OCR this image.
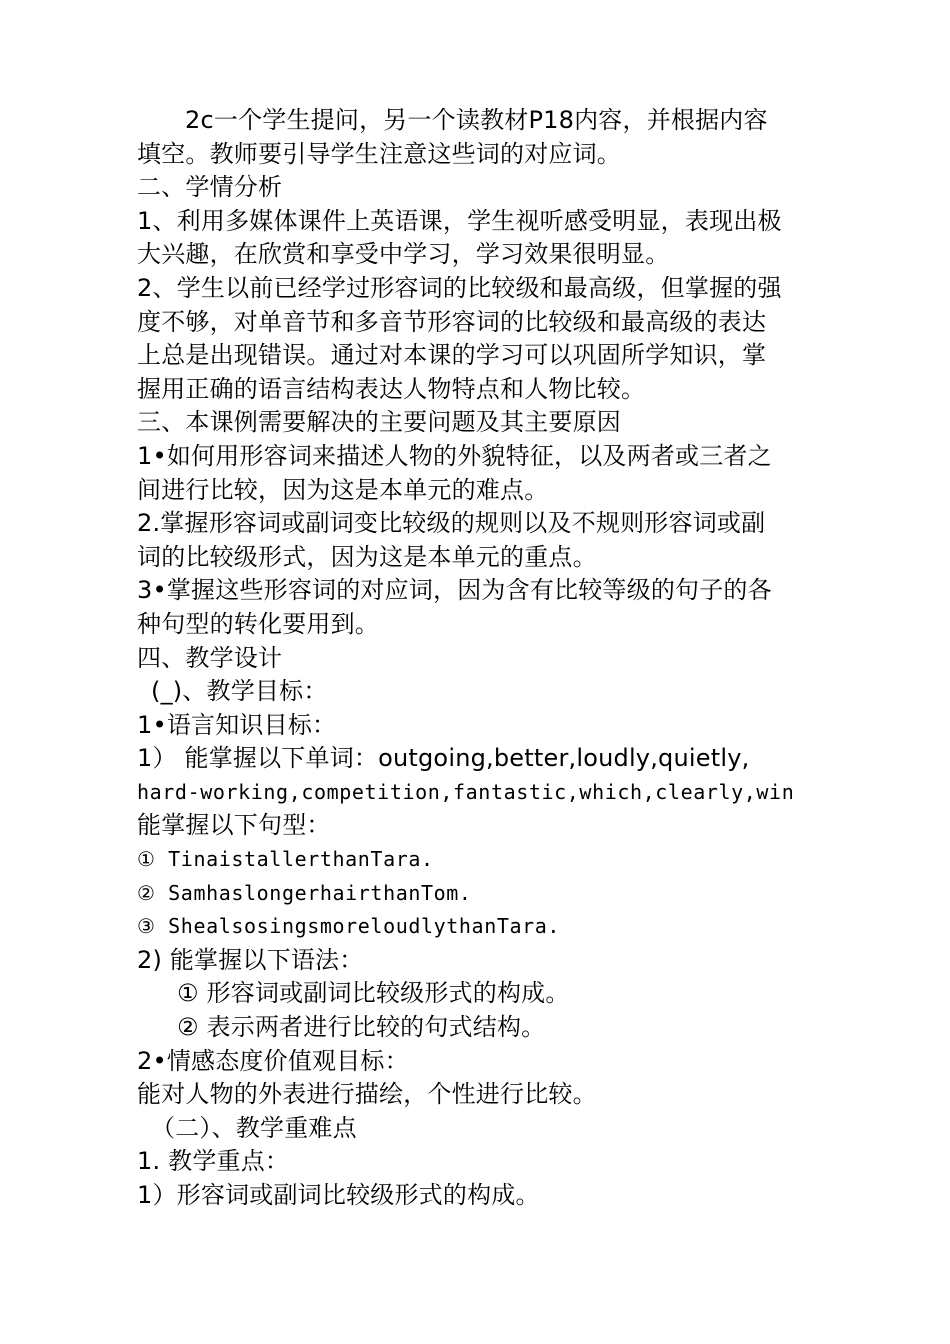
2c一个学生提问，另一个读教材P18内容，并根据内容
填空。教师要引导学生注意这些词的对应词。
二、学情分析
1、利用多媒体课件上英语课，学生视听感受明显，表现出极
大兴趣，在欣赏和享受中学习，学习效果很明显。
2、学生以前已经学过形容词的比较级和最高级，但掌握的强
度不够，对单音节和多音节形容词的比较级和最高级的表达
上总是出现错误。通过对本课的学习可以巩固所学知识，掌
握用正确的语言结构表达人物特点和人物比较。
三、本课例需要解决的主要问题及其主要原因
1•如何用形容词来描述人物的外貌特征，以及两者或三者之
间进行比较，因为这是本单元的难点。
2.掌握形容词或副词变比较级的规则以及不规则形容词或副
词的比较级形式，因为这是本单元的重点。
3•掌握这些形容词的对应词，因为含有比较等级的句子的各
种句型的转化要用到。
四、教学设计
(_)、教学目标：
1•语言知识目标：
1） 能掌握以下单词：outgoing,better,loudly,quietly,
hard-working,competition,fantastic,which,clearly,win
能掌握以下句型：
① TinaistallerthanTara.
② SamhaslongerhairthanTom.
③ ShealsosingsmoreloudlythanTara.
2) 能掌握以下语法：
① 形容词或副词比较级形式的构成。
② 表示两者进行比较的句式结构。
2•情感态度价值观目标：
能对人物的外表进行描绘，个性进行比较。
（二）、教学重难点
1. 教学重点：
1）形容词或副词比较级形式的构成。
